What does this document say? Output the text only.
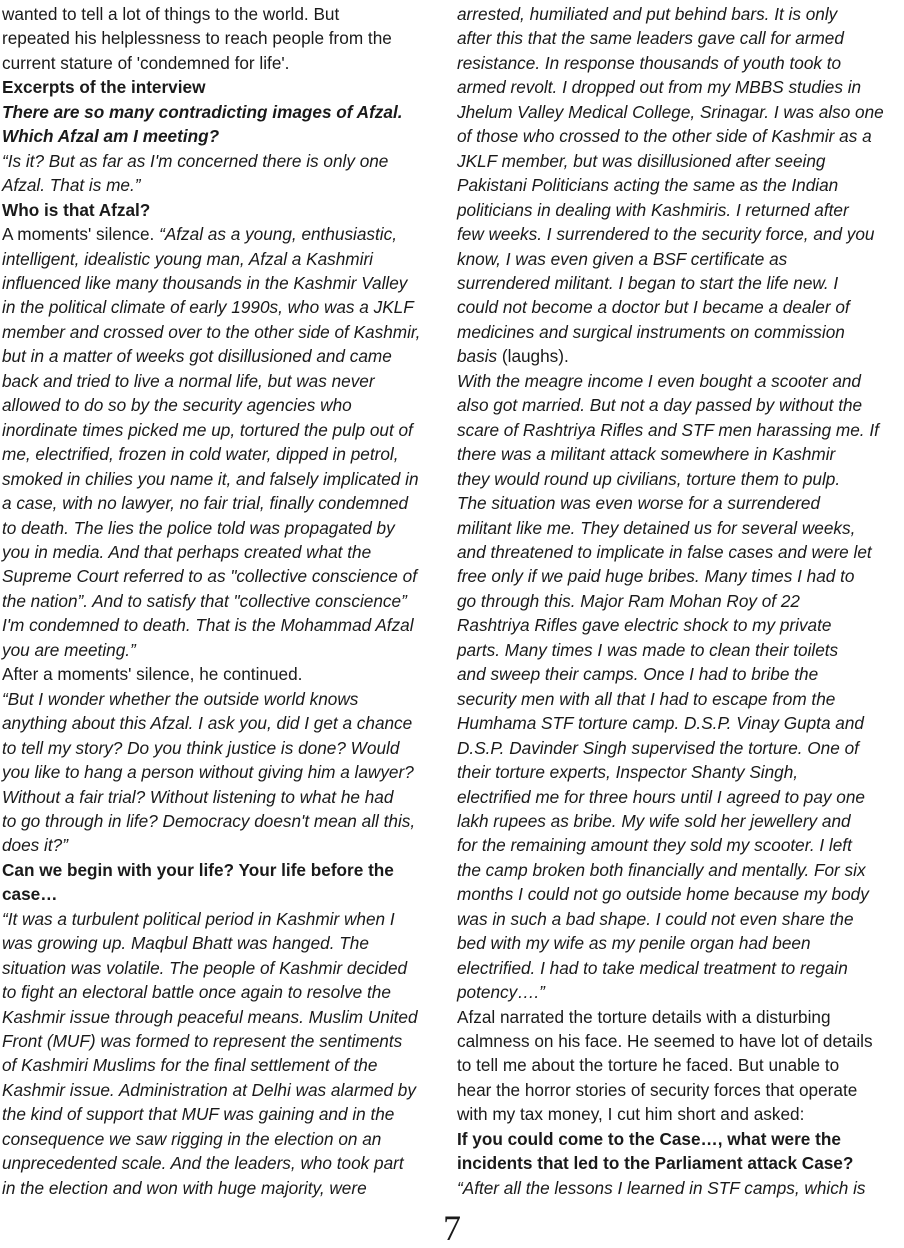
wanted to tell a lot of things to the world. But
repeated his helplessness to reach people from the
current stature of 'condemned for life'.
Excerpts of the interview
There are so many contradicting images of Afzal.
Which Afzal am I meeting?
“Is it? But as far as I'm concerned there is only one
Afzal. That is me.”
Who is that Afzal?
A moments' silence. “Afzal as a young, enthusiastic,
intelligent, idealistic young man, Afzal a Kashmiri
influenced like many thousands in the Kashmir Valley
in the political climate of early 1990s, who was a JKLF
member and crossed over to the other side of Kashmir,
but in a matter of weeks got disillusioned and came
back and tried to live a normal life, but was never
allowed to do so by the security agencies who
inordinate times picked me up, tortured the pulp out of
me, electrified, frozen in cold water, dipped in petrol,
smoked in chilies you name it, and falsely implicated in
a case, with no lawyer, no fair trial, finally condemned
to death. The lies the police told was propagated by
you in media. And that perhaps created what the
Supreme Court referred to as "collective conscience of
the nation”. And to satisfy that "collective conscience”
I'm condemned to death. That is the Mohammad Afzal
you are meeting.”
After a moments' silence, he continued.
“But I wonder whether the outside world knows
anything about this Afzal. I ask you, did I get a chance
to tell my story? Do you think justice is done? Would
you like to hang a person without giving him a lawyer?
Without a fair trial? Without listening to what he had
to go through in life? Democracy doesn't mean all this,
does it?”
Can we begin with your life? Your life before the
case…
“It was a turbulent political period in Kashmir when I
was growing up. Maqbul Bhatt was hanged. The
situation was volatile. The people of Kashmir decided
to fight an electoral battle once again to resolve the
Kashmir issue through peaceful means. Muslim United
Front (MUF) was formed to represent the sentiments
of Kashmiri Muslims for the final settlement of the
Kashmir issue. Administration at Delhi was alarmed by
the kind of support that MUF was gaining and in the
consequence we saw rigging in the election on an
unprecedented scale. And the leaders, who took part
in the election and won with huge majority, were
arrested, humiliated and put behind bars. It is only
after this that the same leaders gave call for armed
resistance. In response thousands of youth took to
armed revolt. I dropped out from my MBBS studies in
Jhelum Valley Medical College, Srinagar. I was also one
of those who crossed to the other side of Kashmir as a
JKLF member, but was disillusioned after seeing
Pakistani Politicians acting the same as the Indian
politicians in dealing with Kashmiris. I returned after
few weeks. I surrendered to the security force, and you
know, I was even given a BSF certificate as
surrendered militant. I began to start the life new. I
could not become a doctor but I became a dealer of
medicines and surgical instruments on commission
basis (laughs).
With the meagre income I even bought a scooter and
also got married. But not a day passed by without the
scare of Rashtriya Rifles and STF men harassing me. If
there was a militant attack somewhere in Kashmir
they would round up civilians, torture them to pulp.
The situation was even worse for a surrendered
militant like me. They detained us for several weeks,
and threatened to implicate in false cases and were let
free only if we paid huge bribes. Many times I had to
go through this. Major Ram Mohan Roy of 22
Rashtriya Rifles gave electric shock to my private
parts. Many times I was made to clean their toilets
and sweep their camps. Once I had to bribe the
security men with all that I had to escape from the
Humhama STF torture camp. D.S.P. Vinay Gupta and
D.S.P. Davinder Singh supervised the torture. One of
their torture experts, Inspector Shanty Singh,
electrified me for three hours until I agreed to pay one
lakh rupees as bribe. My wife sold her jewellery and
for the remaining amount they sold my scooter. I left
the camp broken both financially and mentally. For six
months I could not go outside home because my body
was in such a bad shape. I could not even share the
bed with my wife as my penile organ had been
electrified. I had to take medical treatment to regain
potency….”
Afzal narrated the torture details with a disturbing
calmness on his face. He seemed to have lot of details
to tell me about the torture he faced. But unable to
hear the horror stories of security forces that operate
with my tax money, I cut him short and asked:
If you could come to the Case…, what were the
incidents that led to the Parliament attack Case?
“After all the lessons I learned in STF camps, which is
7
